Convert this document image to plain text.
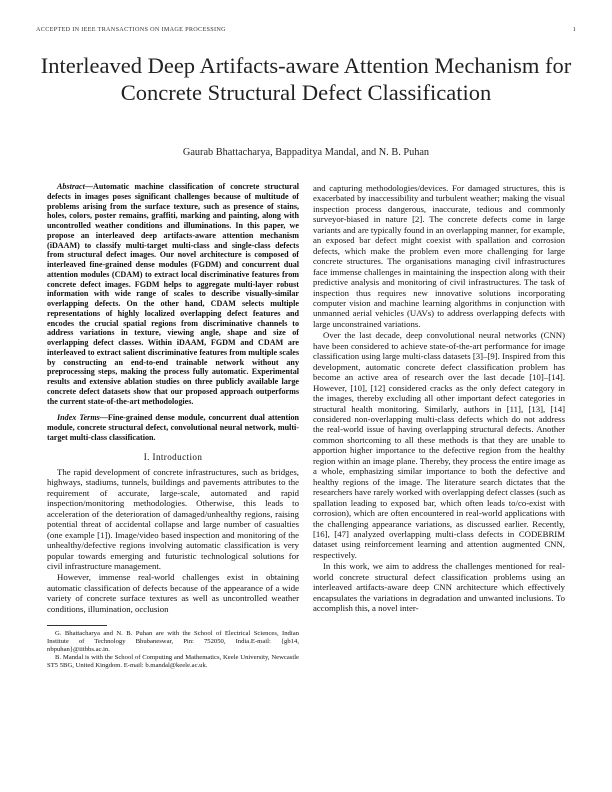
ACCEPTED IN IEEE TRANSACTIONS ON IMAGE PROCESSING	1
Interleaved Deep Artifacts-aware Attention Mechanism for Concrete Structural Defect Classification
Gaurab Bhattacharya, Bappaditya Mandal, and N. B. Puhan

Abstract—Automatic machine classification of concrete structural defects in images poses significant challenges because of multitude of problems arising from the surface texture, such as presence of stains, holes, colors, poster remains, graffiti, marking and painting, along with uncontrolled weather conditions and illuminations. In this paper, we propose an interleaved deep artifacts-aware attention mechanism (iDAAM) to classify multi-target multi-class and single-class defects from structural defect images. Our novel architecture is composed of interleaved fine-grained dense modules (FGDM) and concurrent dual attention modules (CDAM) to extract local discriminative features from concrete defect images. FGDM helps to aggregate multi-layer robust information with wide range of scales to describe visually-similar overlapping defects. On the other hand, CDAM selects multiple representations of highly localized overlapping defect features and encodes the crucial spatial regions from discriminative channels to address variations in texture, viewing angle, shape and size of overlapping defect classes. Within iDAAM, FGDM and CDAM are interleaved to extract salient discriminative features from multiple scales by constructing an end-to-end trainable network without any preprocessing steps, making the process fully automatic. Experimental results and extensive ablation studies on three publicly available large concrete defect datasets show that our proposed approach outperforms the current state-of-the-art methodologies.

Index Terms—Fine-grained dense module, concurrent dual attention module, concrete structural defect, convolutional neural network, multi-target multi-class classification.

I. Introduction

The rapid development of concrete infrastructures, such as bridges, highways, stadiums, tunnels, buildings and pavements attributes to the requirement of accurate, large-scale, automated and rapid inspection/monitoring methodologies. Otherwise, this leads to acceleration of the deterioration of damaged/unhealthy regions, raising potential threat of accidental collapse and large number of casualties (one example [1]). Image/video based inspection and monitoring of the unhealthy/defective regions involving automatic classification is very popular towards emerging and futuristic technological solutions for civil infrastructure management.

However, immense real-world challenges exist in obtaining automatic classification of defects because of the appearance of a wide variety of concrete surface textures as well as uncontrolled weather conditions, illumination, occlusion

G. Bhattacharya and N. B. Puhan are with the School of Electrical Sciences, Indian Institute of Technology Bhubaneswar, Pin: 752050, India.E-mail: {gb14, nbpuhan}@iitbbs.ac.in.

B. Mandal is with the School of Computing and Mathematics, Keele University, Newcastle ST5 5BG, United Kingdom. E-mail: b.mandal@keele.ac.uk.

and capturing methodologies/devices. For damaged structures, this is exacerbated by inaccessibility and turbulent weather; making the visual inspection process dangerous, inaccurate, tedious and commonly surveyor-biased in nature [2]. The concrete defects come in large variants and are typically found in an overlapping manner, for example, an exposed bar defect might coexist with spallation and corrosion defects, which make the problem even more challenging for large concrete structures. The organisations managing civil infrastructures face immense challenges in maintaining the inspection along with their predictive analysis and monitoring of civil infrastructures. The task of inspection thus requires new innovative solutions incorporating computer vision and machine learning algorithms in conjunction with unmanned aerial vehicles (UAVs) to address overlapping defects with large unconstrained variations.

Over the last decade, deep convolutional neural networks (CNN) have been considered to achieve state-of-the-art performance for image classification using large multi-class datasets [3]–[9]. Inspired from this development, automatic concrete defect classification problem has become an active area of research over the last decade [10]–[14]. However, [10], [12] considered cracks as the only defect category in the images, thereby excluding all other important defect categories in structural health monitoring. Similarly, authors in [11], [13], [14] considered non-overlapping multi-class defects which do not address the real-world issue of having overlapping structural defects. Another common shortcoming to all these methods is that they are unable to apportion higher importance to the defective region from the healthy region within an image plane. Thereby, they process the entire image as a whole, emphasizing similar importance to both the defective and healthy regions of the image. The literature search dictates that the researchers have rarely worked with overlapping defect classes (such as spallation leading to exposed bar, which often leads to/co-exist with corrosion), which are often encountered in real-world applications with the challenging appearance variations, as discussed earlier. Recently, [16], [47] analyzed overlapping multi-class defects in CODEBRIM dataset using reinforcement learning and attention augmented CNN, respectively.

In this work, we aim to address the challenges mentioned for real-world concrete structural defect classification problems using an interleaved artifacts-aware deep CNN architecture which effectively encapsulates the variations in degradation and unwanted inclusions. To accomplish this, a novel inter-
